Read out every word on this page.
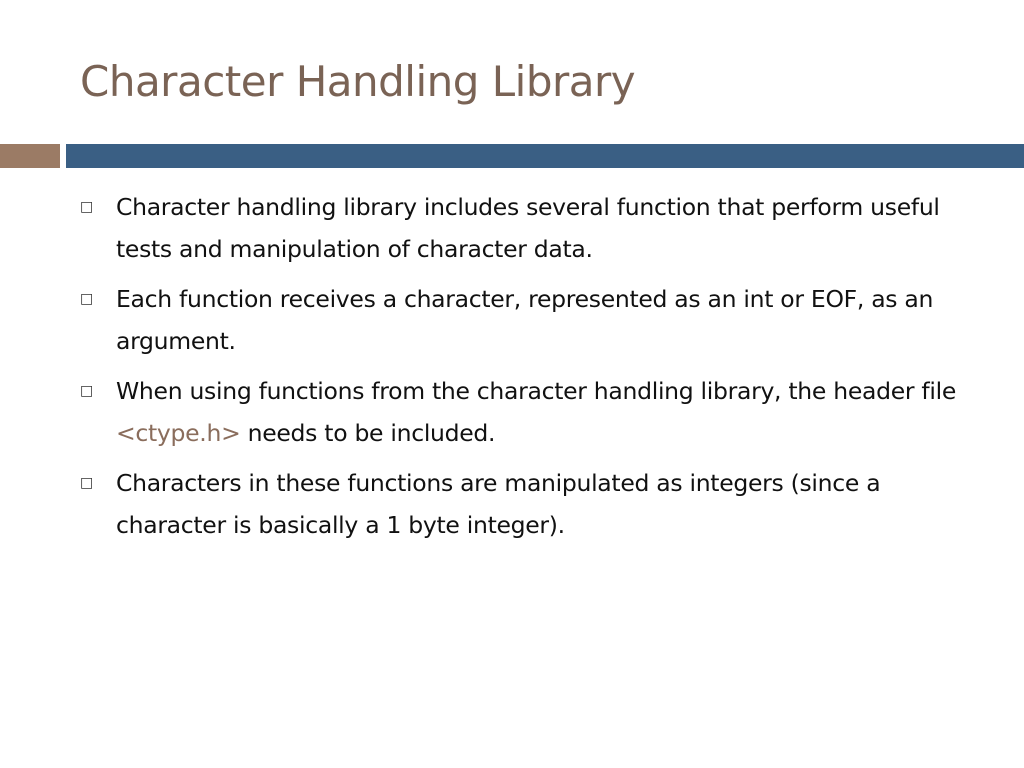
Character Handling Library
□ Character handling library includes several function that perform useful tests and manipulation of character data.
□ Each function receives a character, represented as an int or EOF, as an argument.
□ When using functions from the character handling library, the header file <ctype.h> needs to be included.
□ Characters in these functions are manipulated as integers (since a character is basically a 1 byte integer).
